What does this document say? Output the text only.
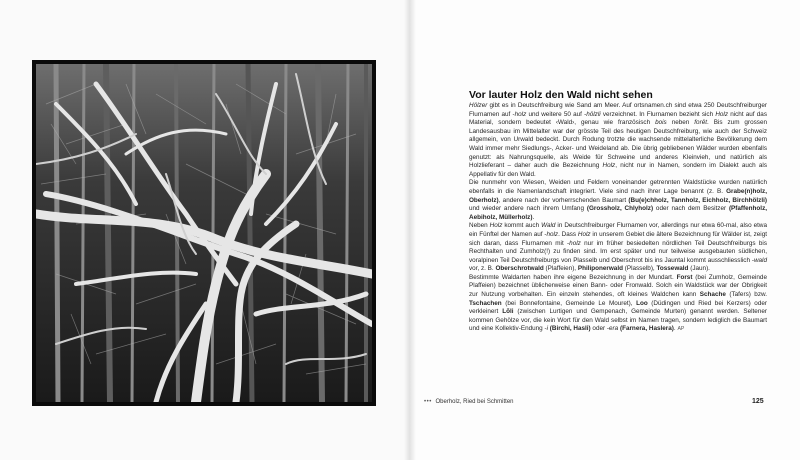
Vor lauter Holz den Wald nicht sehen

Hölzer gibt es in Deutschfreiburg wie Sand am Meer. Auf ortsnamen.ch sind etwa 250 Deutschfreiburger Flurnamen auf -holz und weitere 50 auf -hölzli verzeichnet. In Flurnamen bezieht sich Holz nicht auf das Material, sondern bedeutet ‹Wald›, genau wie französisch bois neben forêt. Bis zum grossen Landesausbau im Mittelalter war der grösste Teil des heutigen Deutschfreiburg, wie auch der Schweiz allgemein, von Urwald bedeckt. Durch Rodung trotzte die wachsende mittelalterliche Bevölkerung dem Wald immer mehr Siedlungs-, Acker- und Weideland ab. Die übrig gebliebenen Wälder wurden ebenfalls genutzt: als Nahrungsquelle, als Weide für Schweine und anderes Kleinvieh, und natürlich als Holzlieferant – daher auch die Bezeichnung Holz, nicht nur in Namen, sondern im Dialekt auch als Appellativ für den Wald.

Die nunmehr von Wiesen, Weiden und Feldern voneinander getrennten Waldstücke wurden natürlich ebenfalls in die Namenlandschaft integriert. Viele sind nach ihrer Lage benannt (z. B. Grabe(n)holz, Oberholz), andere nach der vorherrschenden Baumart (Bu(e)chholz, Tannholz, Eichholz, Birchhölzli) und wieder andere nach ihrem Umfang (Grossholz, Chlyholz) oder nach dem Besitzer (Pfaffenholz, Aebiholz, Müllerholz).

Neben Holz kommt auch Wald in Deutschfreiburger Flurnamen vor, allerdings nur etwa 60-mal, also etwa ein Fünftel der Namen auf -holz. Dass Holz in unserem Gebiet die ältere Bezeichnung für Wälder ist, zeigt sich daran, dass Flurnamen mit -holz nur im früher besiedelten nördlichen Teil Deutschfreiburgs bis Rechthalten und Zumholz(!) zu finden sind. Im erst später und nur teilweise ausgebauten südlichen, voralpinen Teil Deutschfreiburgs von Plasselb und Oberschrot bis ins Jauntal kommt ausschliesslich -wald vor, z. B. Oberschrotwald (Plaffeien), Philiponerwald (Plasselb), Tossewald (Jaun).

Bestimmte Waldarten haben ihre eigene Bezeichnung in der Mundart. Forst (bei Zumholz, Gemeinde Plaffeien) bezeichnet üblicherweise einen Bann- oder Fronwald. Solch ein Waldstück war der Obrigkeit zur Nutzung vorbehalten. Ein einzeln stehendes, oft kleines Waldchen kann Schache (Tafers) bzw. Tschachen (bei Bonnefontaine, Gemeinde Le Mouret), Loo (Düdingen und Ried bei Kerzers) oder verkleinert Lõli (zwischen Lurtigen und Gempenach, Gemeinde Murten) genannt werden. Seltener kommen Gehölze vor, die kein Wort für den Wald selbst im Namen tragen, sondern lediglich die Baumart und eine Kollektiv-Endung -i (Birchi, Hasli) oder -era (Farnera, Haslera). AP

••• Oberholz, Ried bei Schmitten	125
